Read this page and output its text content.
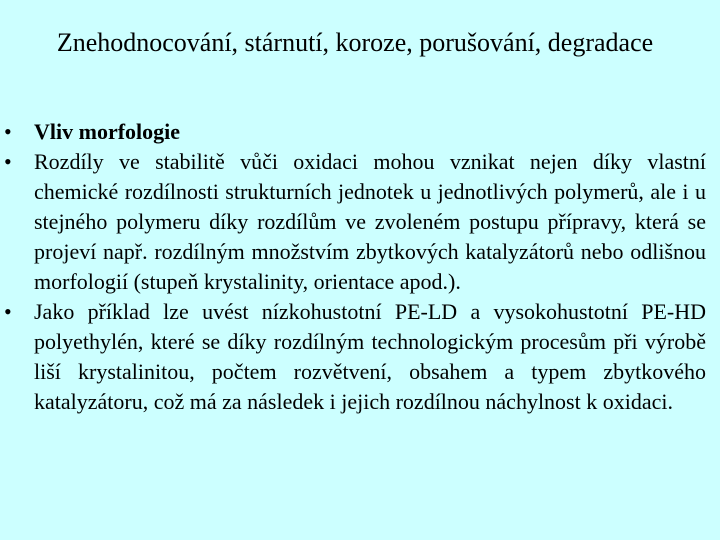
Znehodnocování, stárnutí, koroze, porušování, degradace
• Vliv morfologie
• Rozdíly ve stabilitě vůči oxidaci mohou vznikat nejen díky vlastní chemické rozdílnosti strukturních jednotek u jednotlivých polymerů, ale i u stejného polymeru díky rozdílům ve zvoleném postupu přípravy, která se projeví např. rozdílným množstvím zbytkových katalyzátorů nebo odlišnou morfologií (stupeň krystalinity, orientace apod.).
• Jako příklad lze uvést nízkohustotní PE-LD a vysokohustotní PE-HD polyethylén, které se díky rozdílným technologickým procesům při výrobě liší krystalinitou, počtem rozvětvení, obsahem a typem zbytkového katalyzátoru, což má za následek i jejich rozdílnou náchylnost k oxidaci.
